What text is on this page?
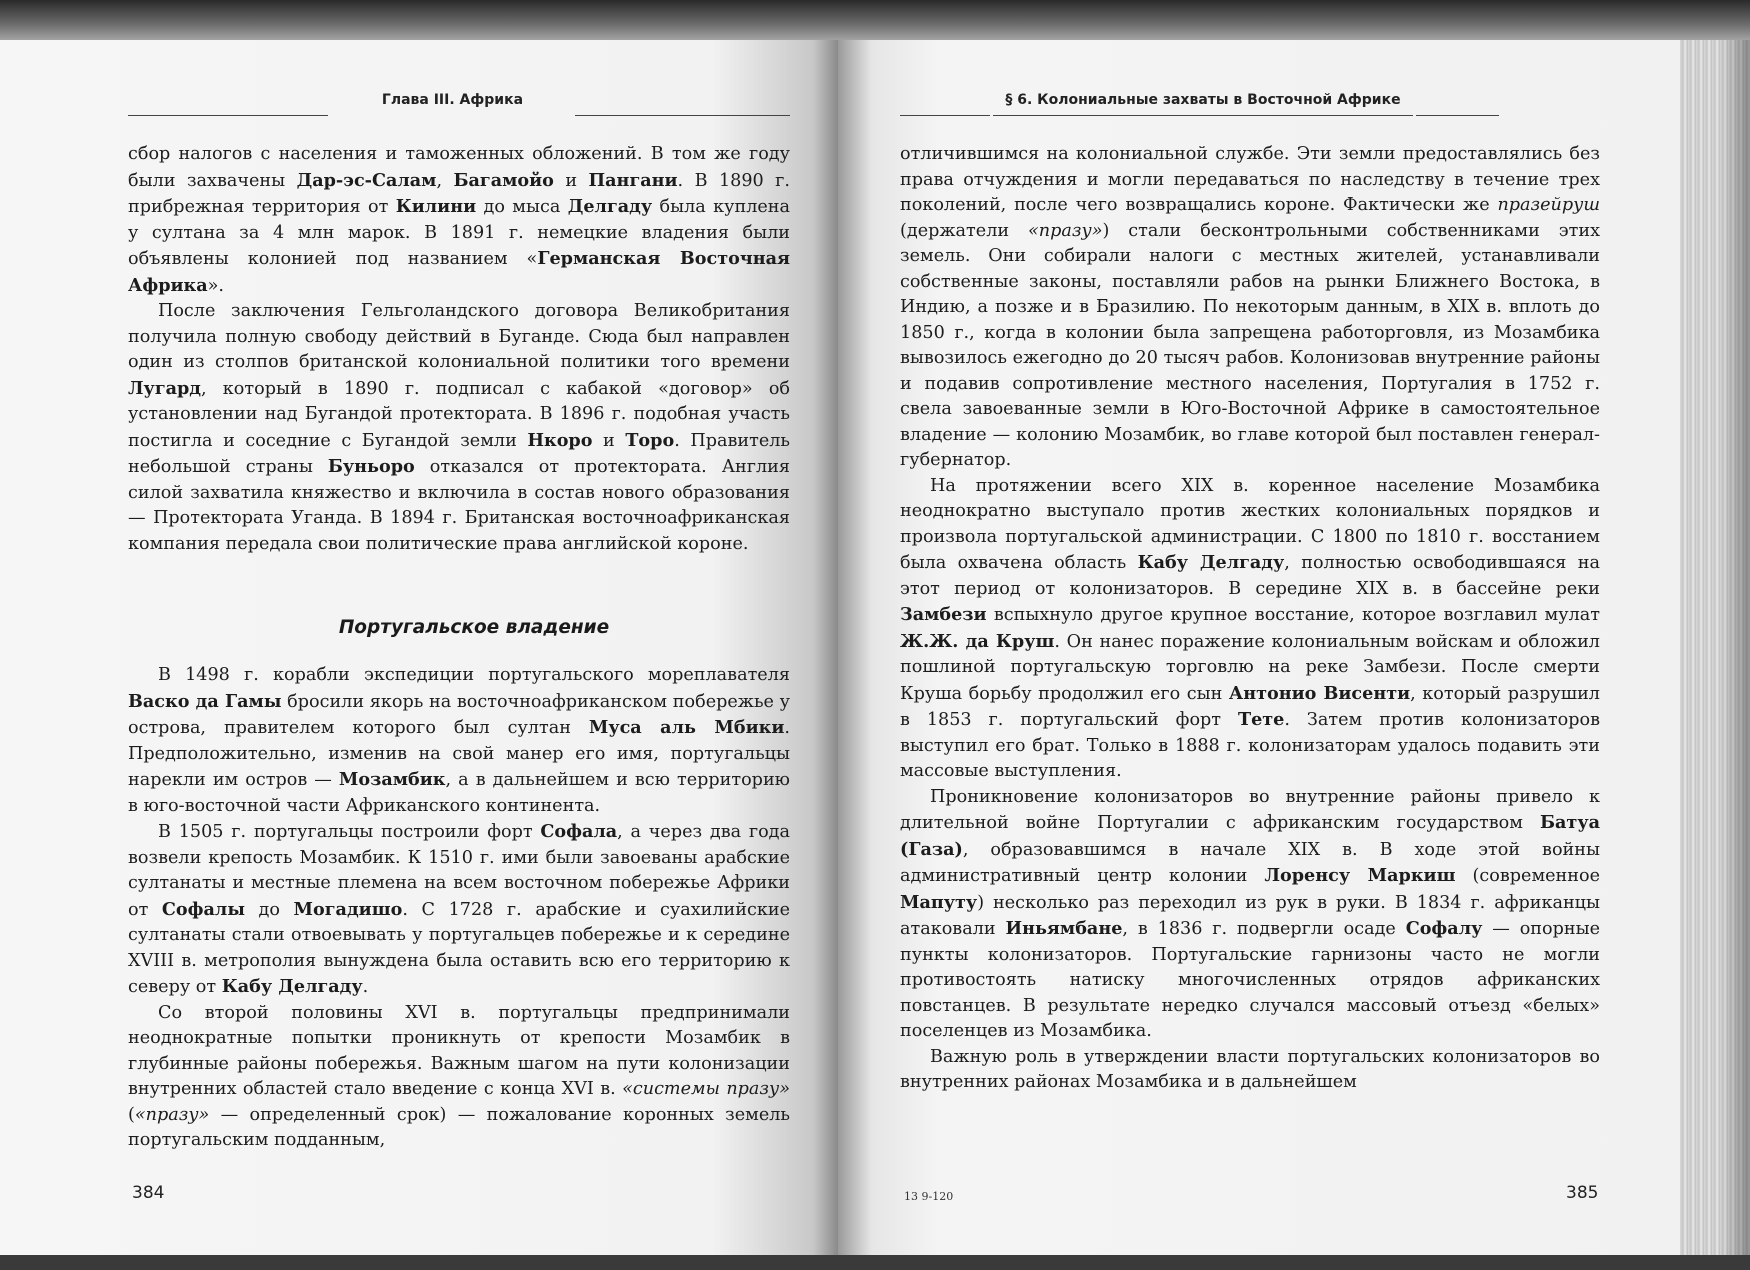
Глава III. Африка

сбор налогов с населения и таможенных обложений. В том же году были захвачены Дар-эс-Салам, Багамойо и Пангани. В 1890 г. прибрежная территория от Килини до мыса Делгаду была куплена у султана за 4 млн марок. В 1891 г. немецкие владения были объявлены колонией под названием «Германская Восточная Африка».

После заключения Гельголандского договора Великобритания получила полную свободу действий в Буганде. Сюда был направлен один из столпов британской колониальной политики того времени Лугард, который в 1890 г. подписал с кабакой «договор» об установлении над Бугандой протектората. В 1896 г. подобная участь постигла и соседние с Бугандой земли Нкоро и Торо. Правитель небольшой страны Буньоро отказался от протектората. Англия силой захватила княжество и включила в состав нового образования — Протектората Уганда. В 1894 г. Британская восточноафриканская компания передала свои политические права английской короне.

Португальское владение

В 1498 г. корабли экспедиции португальского мореплавателя Васко да Гамы бросили якорь на восточноафриканском побережье у острова, правителем которого был султан Муса аль Мбики. Предположительно, изменив на свой манер его имя, португальцы нарекли им остров — Мозамбик, а в дальнейшем и всю территорию в юго-восточной части Африканского континента.

В 1505 г. португальцы построили форт Софала, а через два года возвели крепость Мозамбик. К 1510 г. ими были завоеваны арабские султанаты и местные племена на всем восточном побережье Африки от Софалы до Могадишо. С 1728 г. арабские и суахилийские султанаты стали отвоевывать у португальцев побережье и к середине XVIII в. метрополия вынуждена была оставить всю его территорию к северу от Кабу Делгаду.

Со второй половины XVI в. португальцы предпринимали неоднократные попытки проникнуть от крепости Мозамбик в глубинные районы побережья. Важным шагом на пути колонизации внутренних областей стало введение с конца XVI в. «системы празу» («празу» — определенный срок) — пожалование коронных земель португальским подданным,

384
§ 6. Колониальные захваты в Восточной Африке

отличившимся на колониальной службе. Эти земли предоставлялись без права отчуждения и могли передаваться по наследству в течение трех поколений, после чего возвращались короне. Фактически же празейруш (держатели «празу») стали бесконтрольными собственниками этих земель. Они собирали налоги с местных жителей, устанавливали собственные законы, поставляли рабов на рынки Ближнего Востока, в Индию, а позже и в Бразилию. По некоторым данным, в XIX в. вплоть до 1850 г., когда в колонии была запрещена работорговля, из Мозамбика вывозилось ежегодно до 20 тысяч рабов. Колонизовав внутренние районы и подавив сопротивление местного населения, Португалия в 1752 г. свела завоеванные земли в Юго-Восточной Африке в самостоятельное владение — колонию Мозамбик, во главе которой был поставлен генерал-губернатор.

На протяжении всего XIX в. коренное население Мозамбика неоднократно выступало против жестких колониальных порядков и произвола португальской администрации. С 1800 по 1810 г. восстанием была охвачена область Кабу Делгаду, полностью освободившаяся на этот период от колонизаторов. В середине XIX в. в бассейне реки Замбези вспыхнуло другое крупное восстание, которое возглавил мулат Ж.Ж. да Круш. Он нанес поражение колониальным войскам и обложил пошлиной португальскую торговлю на реке Замбези. После смерти Круша борьбу продолжил его сын Антонио Висенти, который разрушил в 1853 г. португальский форт Тете. Затем против колонизаторов выступил его брат. Только в 1888 г. колонизаторам удалось подавить эти массовые выступления.

Проникновение колонизаторов во внутренние районы привело к длительной войне Португалии с африканским государством Батуа (Газа), образовавшимся в начале XIX в. В ходе этой войны административный центр колонии Лоренсу Маркиш (современное Мапуту) несколько раз переходил из рук в руки. В 1834 г. африканцы атаковали Иньямбане, в 1836 г. подвергли осаде Софалу — опорные пункты колонизаторов. Португальские гарнизоны часто не могли противостоять натиску многочисленных отрядов африканских повстанцев. В результате нередко случался массовый отъезд «белых» поселенцев из Мозамбика.

Важную роль в утверждении власти португальских колонизаторов во внутренних районах Мозамбика и в дальнейшем

13 9-120	385
